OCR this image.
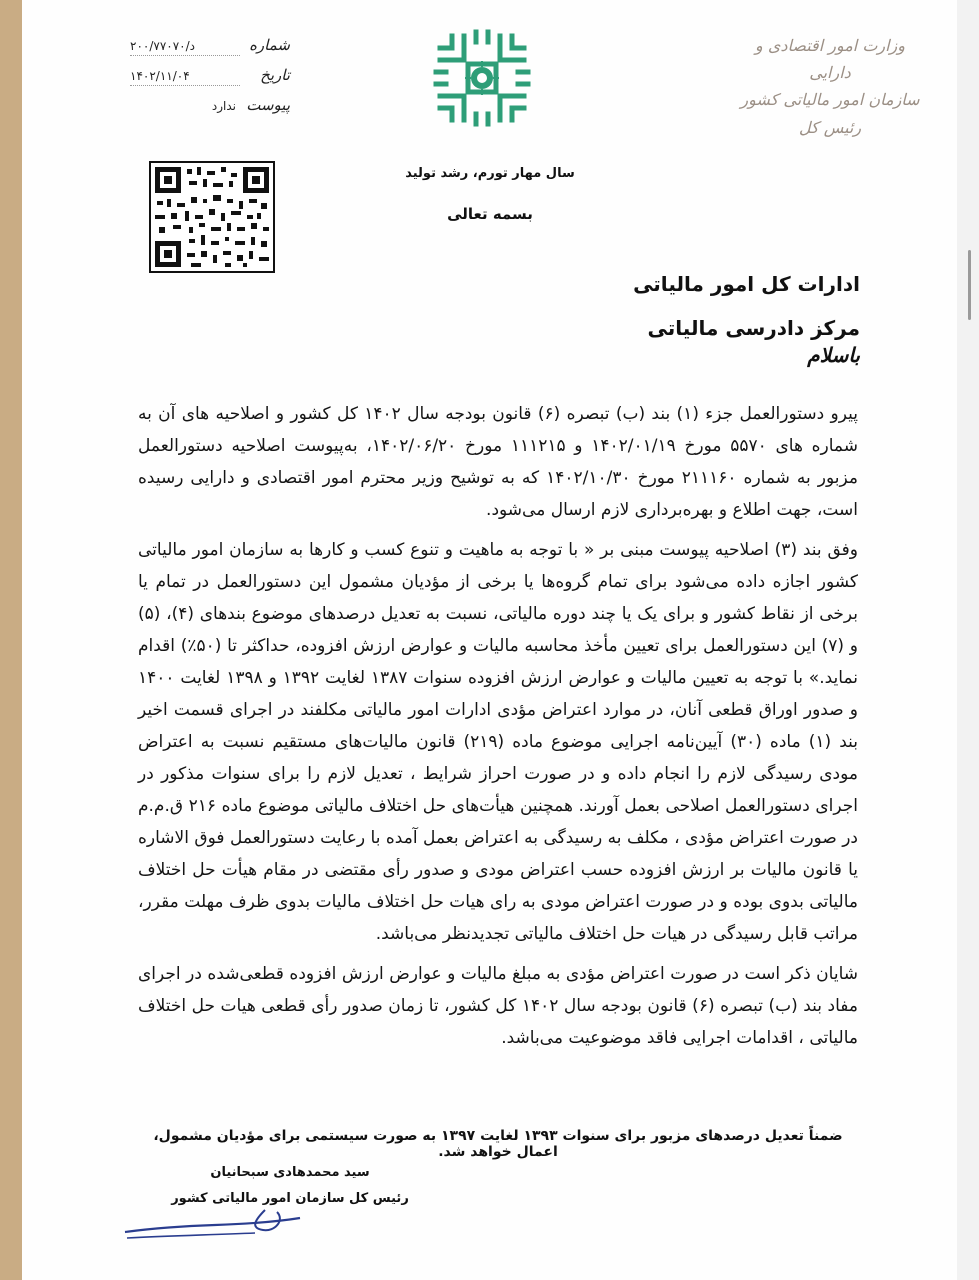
وزارت امور اقتصادی و دارایی
سازمان امور مالیاتی کشور
رئیس کل
سال مهار تورم، رشد تولید
بسمه تعالی
شماره
د/۲۰۰/۷۷۰۷۰
تاریخ
۱۴۰۲/۱۱/۰۴
پیوست
ندارد
ادارات کل امور مالیاتی
مرکز دادرسی مالیاتی
باسلام

پیرو دستورالعمل جزء (۱) بند (ب) تبصره (۶) قانون بودجه سال ۱۴۰۲ کل کشور و اصلاحیه های آن به شماره های ۵۵۷۰ مورخ ۱۴۰۲/۰۱/۱۹ و ۱۱۱۲۱۵ مورخ ۱۴۰۲/۰۶/۲۰، به‌پیوست اصلاحیه دستورالعمل مزبور به شماره ۲۱۱۱۶۰ مورخ ۱۴۰۲/۱۰/۳۰ که به توشیح وزیر محترم امور اقتصادی و دارایی رسیده است، جهت اطلاع و بهره‌برداری لازم ارسال می‌شود.

وفق بند (۳) اصلاحیه پیوست مبنی بر « با توجه به ماهیت و تنوع کسب و کارها به سازمان امور مالیاتی کشور اجازه داده می‌شود برای تمام گروه‌ها یا برخی از مؤدیان مشمول این دستورالعمل در تمام یا برخی از نقاط کشور و برای یک یا چند دوره مالیاتی، نسبت به تعدیل درصدهای موضوع بندهای (۴)، (۵) و (۷) این دستورالعمل برای تعیین مأخذ محاسبه مالیات و عوارض ارزش افزوده، حداکثر تا (۵۰٪) اقدام نماید.» با توجه به تعیین مالیات و عوارض ارزش افزوده سنوات ۱۳۸۷ لغایت ۱۳۹۲ و ۱۳۹۸ لغایت ۱۴۰۰ و صدور اوراق قطعی آنان، در موارد اعتراض مؤدی ادارات امور مالیاتی مکلفند در اجرای قسمت اخیر بند (۱) ماده (۳۰) آیین‌نامه اجرایی موضوع ماده (۲۱۹) قانون مالیات‌های مستقیم نسبت به اعتراض مودی رسیدگی لازم را انجام داده و در صورت احراز شرایط ، تعدیل لازم را برای سنوات مذکور در اجرای دستورالعمل اصلاحی بعمل آورند. همچنین هیأت‌های حل اختلاف مالیاتی موضوع ماده ۲۱۶ ق.م.م در صورت اعتراض مؤدی ، مکلف به رسیدگی به اعتراض بعمل آمده با رعایت دستورالعمل فوق الاشاره یا قانون مالیات بر ارزش افزوده حسب اعتراض مودی و صدور رأی مقتضی در مقام هیأت حل اختلاف مالیاتی بدوی بوده و در صورت اعتراض مودی به رای هیات حل اختلاف مالیات بدوی ظرف مهلت مقرر، مراتب قابل رسیدگی در هیات حل اختلاف مالیاتی تجدیدنظر می‌باشد.

شایان ذکر است در صورت اعتراض مؤدی به مبلغ مالیات و عوارض ارزش افزوده قطعی‌شده در اجرای مفاد بند (ب) تبصره (۶) قانون بودجه سال ۱۴۰۲ کل کشور، تا زمان صدور رأی قطعی هیات حل اختلاف مالیاتی ، اقدامات اجرایی فاقد موضوعیت می‌باشد.

ضمناً تعدیل درصدهای مزبور برای سنوات ۱۳۹۳ لغایت ۱۳۹۷ به صورت سیستمی برای مؤدیان مشمول، اعمال خواهد شد.
سید محمدهادی سبحانیان
رئیس کل سازمان امور مالیاتی کشور
